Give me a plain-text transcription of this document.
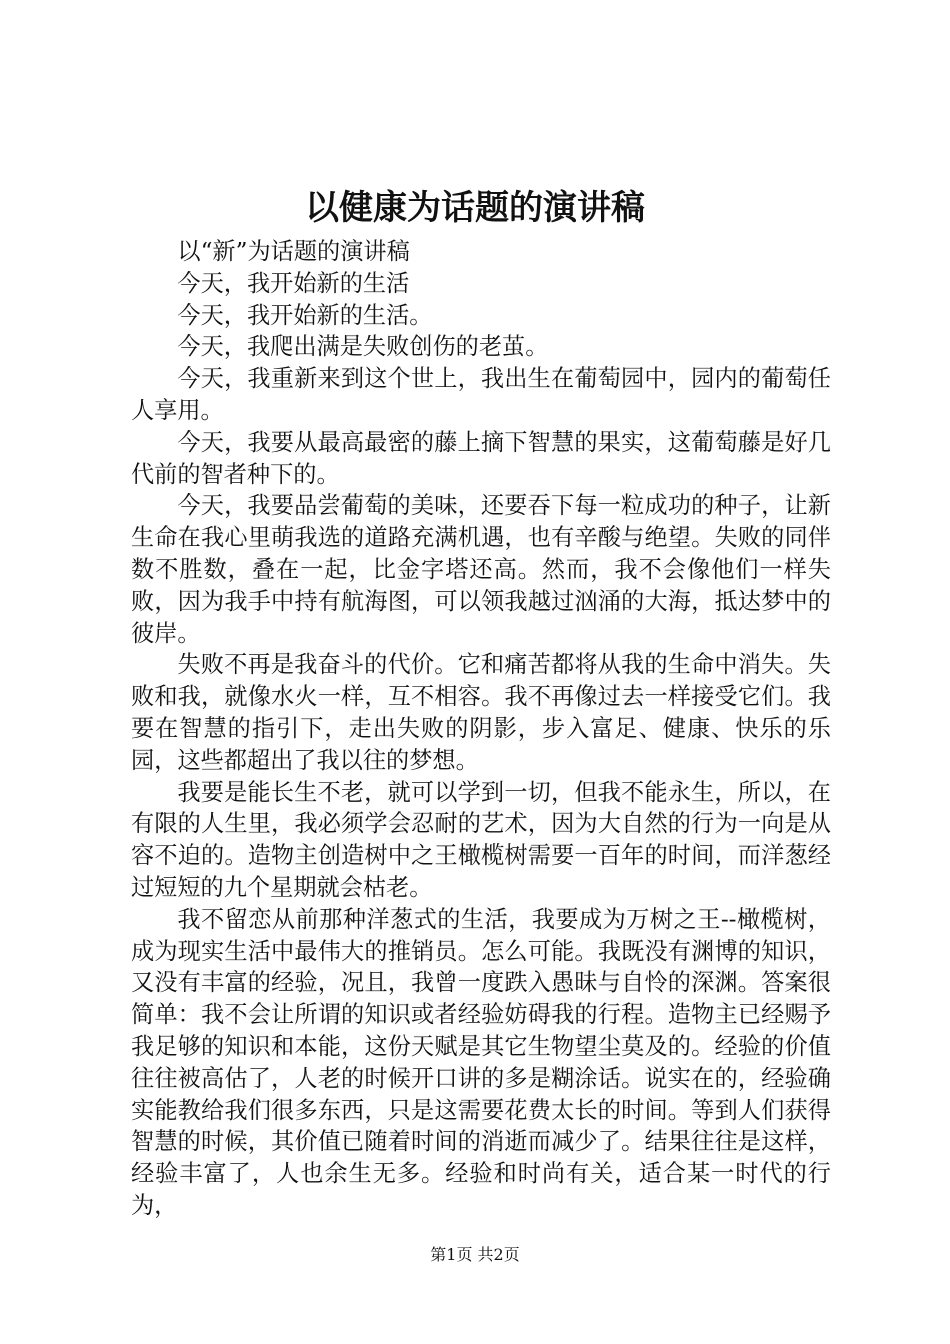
以健康为话题的演讲稿

以“新”为话题的演讲稿

今天，我开始新的生活

今天，我开始新的生活。

今天，我爬出满是失败创伤的老茧。

今天，我重新来到这个世上，我出生在葡萄园中，园内的葡萄任人享用。

今天，我要从最高最密的藤上摘下智慧的果实，这葡萄藤是好几代前的智者种下的。

今天，我要品尝葡萄的美味，还要吞下每一粒成功的种子，让新生命在我心里萌我选的道路充满机遇，也有辛酸与绝望。失败的同伴数不胜数，叠在一起，比金字塔还高。然而，我不会像他们一样失败，因为我手中持有航海图，可以领我越过汹涌的大海，抵达梦中的彼岸。

失败不再是我奋斗的代价。它和痛苦都将从我的生命中消失。失败和我，就像水火一样，互不相容。我不再像过去一样接受它们。我要在智慧的指引下，走出失败的阴影，步入富足、健康、快乐的乐园，这些都超出了我以往的梦想。

我要是能长生不老，就可以学到一切，但我不能永生，所以，在有限的人生里，我必须学会忍耐的艺术，因为大自然的行为一向是从容不迫的。造物主创造树中之王橄榄树需要一百年的时间，而洋葱经过短短的九个星期就会枯老。

我不留恋从前那种洋葱式的生活，我要成为万树之王--橄榄树，成为现实生活中最伟大的推销员。怎么可能。我既没有渊博的知识，又没有丰富的经验，况且，我曾一度跌入愚昧与自怜的深渊。答案很简单：我不会让所谓的知识或者经验妨碍我的行程。造物主已经赐予我足够的知识和本能，这份天赋是其它生物望尘莫及的。经验的价值往往被高估了，人老的时候开口讲的多是糊涂话。说实在的，经验确实能教给我们很多东西，只是这需要花费太长的时间。等到人们获得智慧的时候，其价值已随着时间的消逝而减少了。结果往往是这样，经验丰富了，人也余生无多。经验和时尚有关，适合某一时代的行为，

第1页 共2页
